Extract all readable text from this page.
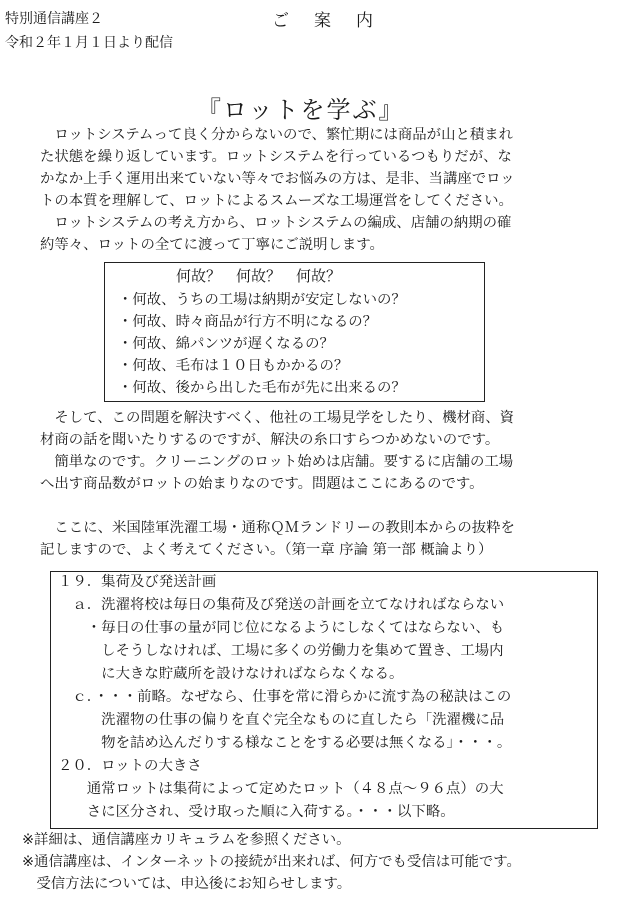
特別通信講座２	ご　案　内
令和２年１月１日より配信
『ロットを学ぶ』
　ロットシステムって良く分からないので、繁忙期には商品が山と積まれ
た状態を繰り返しています。ロットシステムを行っているつもりだが、な
かなか上手く運用出来ていない等々でお悩みの方は、是非、当講座でロッ
トの本質を理解して、ロットによるスムーズな工場運営をしてください。
　ロットシステムの考え方から、ロットシステムの編成、店舗の納期の確
約等々、ロットの全てに渡って丁寧にご説明します。
何故？　何故？　何故？
・何故、うちの工場は納期が安定しないの？
・何故、時々商品が行方不明になるの？
・何故、綿パンツが遅くなるの？
・何故、毛布は１０日もかかるの？
・何故、後から出した毛布が先に出来るの？
　そして、この問題を解決すべく、他社の工場見学をしたり、機材商、資
材商の話を聞いたりするのですが、解決の糸口すらつかめないのです。
　簡単なのです。クリーニングのロット始めは店舗。要するに店舗の工場
へ出す商品数がロットの始まりなのです。問題はここにあるのです。
　ここに、米国陸軍洗濯工場・通称ＱＭランドリーの教則本からの抜粋を
記しますので、よく考えてください。（第一章 序論 第一部 概論より）
１９．集荷及び発送計画
　ａ．洗濯将校は毎日の集荷及び発送の計画を立てなければならない
　　・毎日の仕事の量が同じ位になるようにしなくてはならない、も
　　　しそうしなければ、工場に多くの労働力を集めて置き、工場内
　　　に大きな貯蔵所を設けなければならなくなる。
　ｃ．・・・前略。なぜなら、仕事を常に滑らかに流す為の秘訣はこの
　　　洗濯物の仕事の偏りを直ぐ完全なものに直したら「洗濯機に品
　　　物を詰め込んだりする様なことをする必要は無くなる」・・・。
２０．ロットの大きさ
　　通常ロットは集荷によって定めたロット（４８点～９６点）の大
　　さに区分され、受け取った順に入荷する。・・・以下略。
※詳細は、通信講座カリキュラムを参照ください。
※通信講座は、インターネットの接続が出来れば、何方でも受信は可能です。
　受信方法については、申込後にお知らせします。
